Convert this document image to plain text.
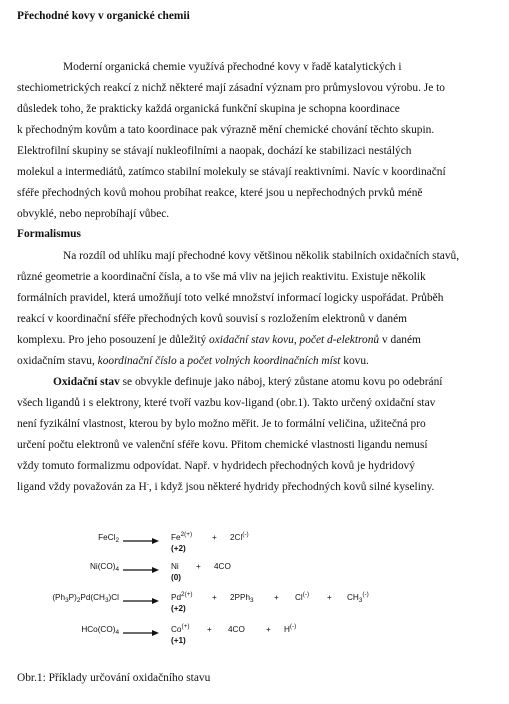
Přechodné kovy v organické chemii
Moderní organická chemie využívá přechodné kovy v řadě katalytických i
stechiometrických reakcí z nichž některé mají zásadní význam pro průmyslovou výrobu. Je to
důsledek toho, že prakticky každá organická funkční skupina je schopna koordinace
k přechodným kovům a tato koordinace pak výrazně mění chemické chování těchto skupin.
Elektrofilní skupiny se stávají nukleofilními a naopak, dochází ke stabilizaci nestálých
molekul a intermediátů, zatímco stabilní molekuly se stávají reaktivními. Navíc v koordinační
sféře přechodných kovů mohou probíhat reakce, které jsou u nepřechodných prvků méně
obvyklé, nebo neprobíhají vůbec.
Formalismus
Na rozdíl od uhlíku mají přechodné kovy většinou několik stabilních oxidačních stavů,
různé geometrie a koordinační čísla, a to vše má vliv na jejich reaktivitu. Existuje několik
formálních pravidel, která umožňují toto velké množství informací logicky uspořádat. Průběh
reakcí v koordinační sféře přechodných kovů souvisí s rozložením elektronů v daném
komplexu. Pro jeho posouzení je důležitý oxidační stav kovu, počet d-elektronů v daném
oxidačním stavu, koordinační číslo a počet volných koordinačních míst kovu.
Oxidační stav se obvykle definuje jako náboj, který zůstane atomu kovu po odebrání
všech ligandů i s elektrony, které tvoří vazbu kov-ligand (obr.1). Takto určený oxidační stav
není fyzikální vlastnost, kterou by bylo možno měřit. Je to formální veličina, užitečná pro
určení počtu elektronů ve valenční sféře kovu. Přitom chemické vlastnosti ligandu nemusí
vždy tomuto formalizmu odpovídat. Např. v hydridech přechodných kovů je hydridový
ligand vždy považován za H-, i když jsou některé hydridy přechodných kovů silné kyseliny.
FeCl$_2$	$Fe^{2(+)} + 2Cl^{(-)}$
(+2)
$Ni(CO)_4$	Ni + 4CO
(0)
$(Ph_3P)_2Pd(CH_3)Cl$	$Pd^{2(+)} + 2PPh_3 + Cl^{(-)} + CH_3^{(-)}$
(+2)
$HCo(CO)_4$	Co(+) + 4CO	+ H(-)
(+1)
Obr.1: Příklady určování oxidačního stavu
